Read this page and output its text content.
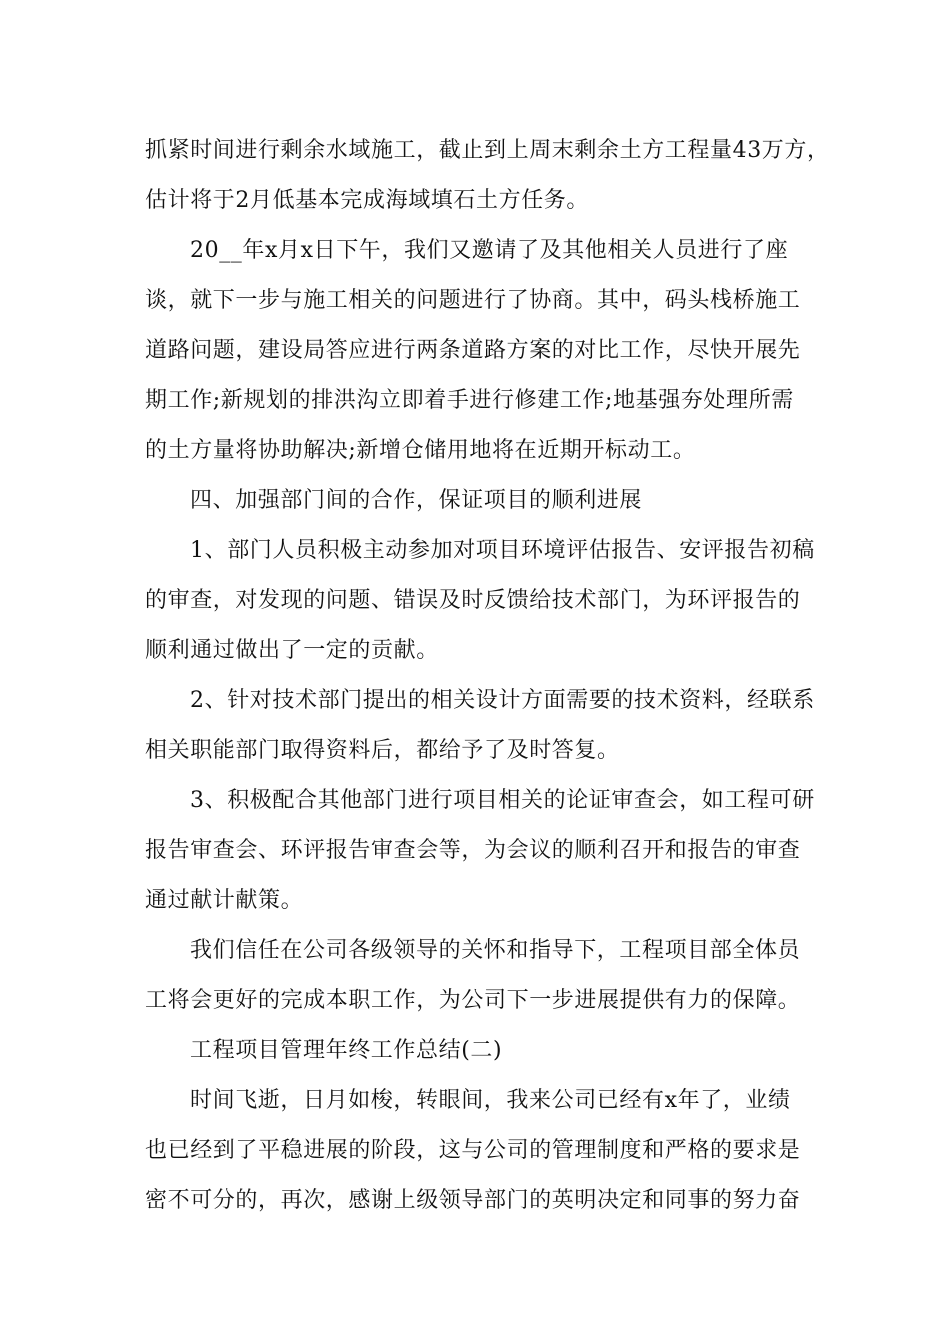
抓紧时间进行剩余水域施工，截止到上周末剩余土方工程量43万方，
估计将于2月低基本完成海域填石土方任务。
20__年x月x日下午，我们又邀请了及其他相关人员进行了座
谈，就下一步与施工相关的问题进行了协商。其中，码头栈桥施工
道路问题，建设局答应进行两条道路方案的对比工作，尽快开展先
期工作;新规划的排洪沟立即着手进行修建工作;地基强夯处理所需
的土方量将协助解决;新增仓储用地将在近期开标动工。
四、加强部门间的合作，保证项目的顺利进展
1、部门人员积极主动参加对项目环境评估报告、安评报告初稿
的审查，对发现的问题、错误及时反馈给技术部门，为环评报告的
顺利通过做出了一定的贡献。
2、针对技术部门提出的相关设计方面需要的技术资料，经联系
相关职能部门取得资料后，都给予了及时答复。
3、积极配合其他部门进行项目相关的论证审查会，如工程可研
报告审查会、环评报告审查会等，为会议的顺利召开和报告的审查
通过献计献策。
我们信任在公司各级领导的关怀和指导下，工程项目部全体员
工将会更好的完成本职工作，为公司下一步进展提供有力的保障。
工程项目管理年终工作总结(二)
时间飞逝，日月如梭，转眼间，我来公司已经有x年了，业绩
也已经到了平稳进展的阶段，这与公司的管理制度和严格的要求是
密不可分的，再次，感谢上级领导部门的英明决定和同事的努力奋
